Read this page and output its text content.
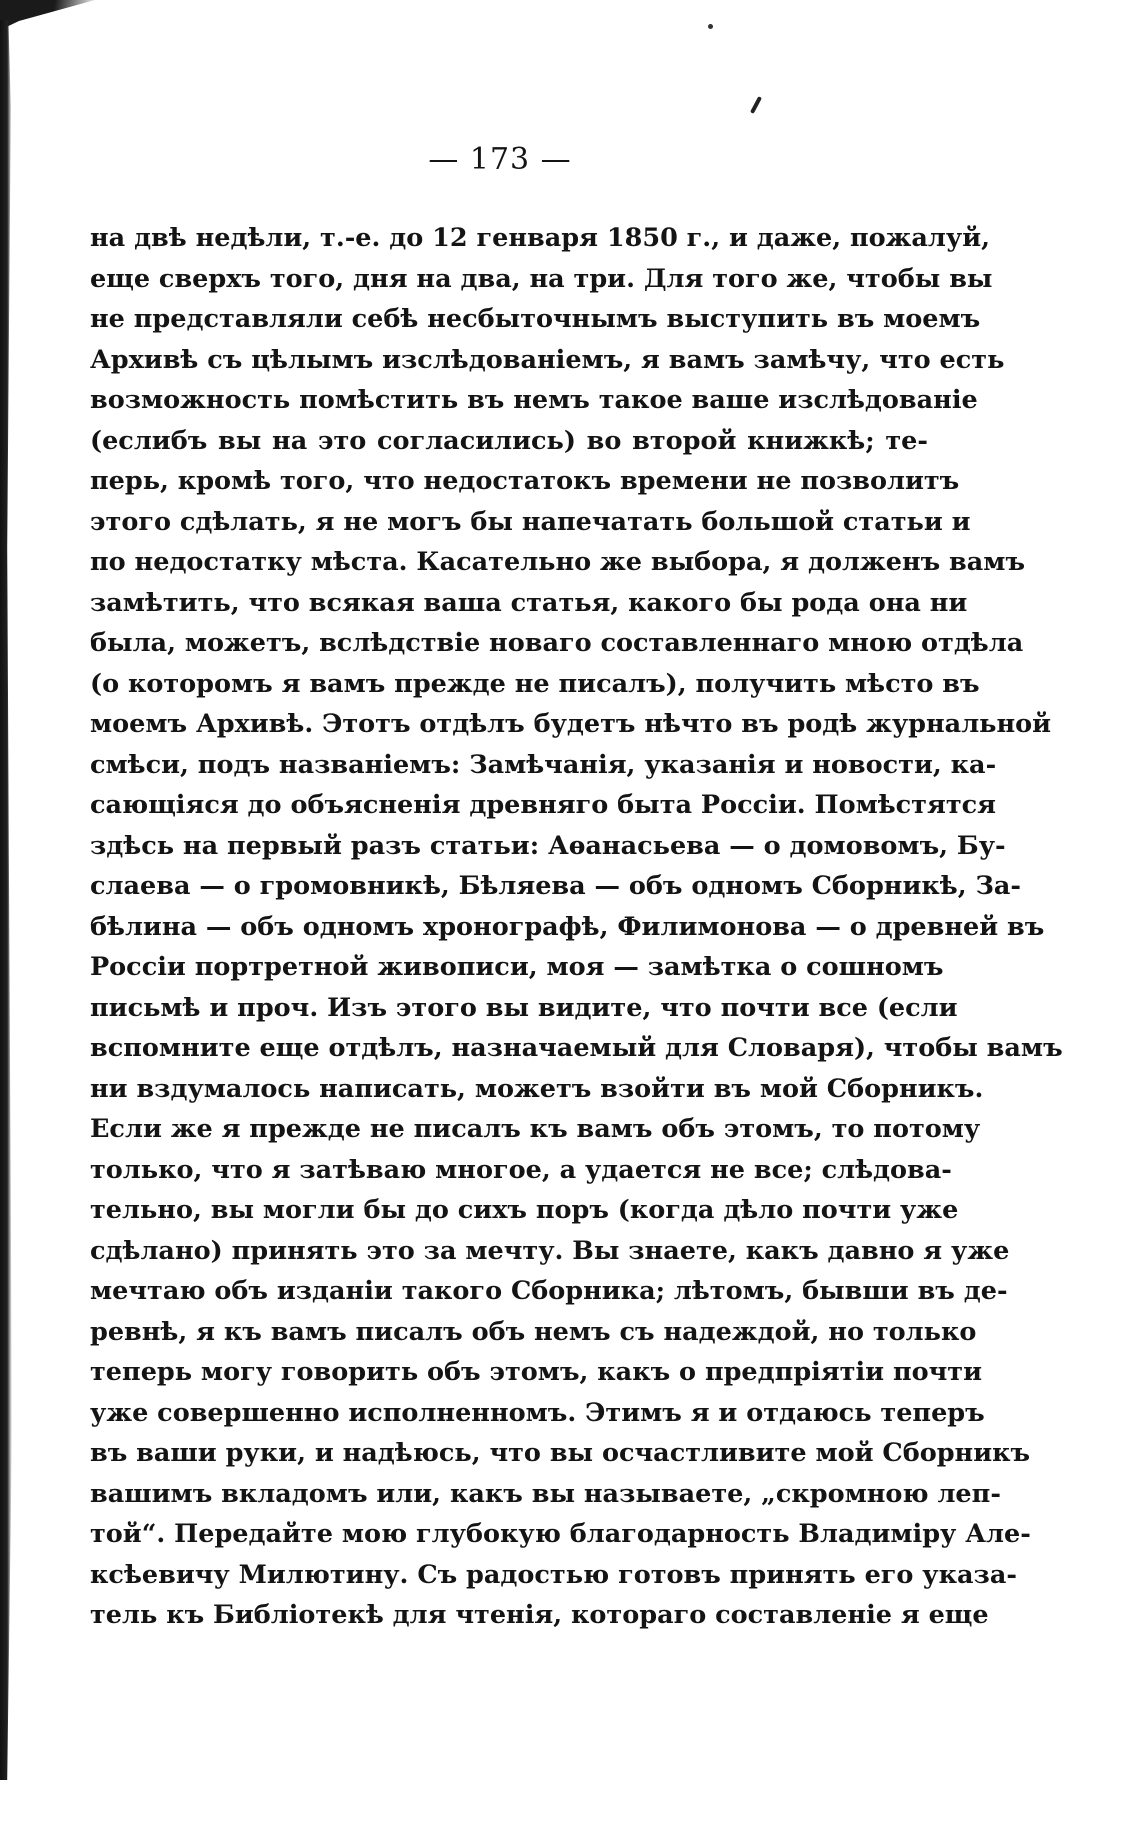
— 173 —
на двѣ недѣли, т.-е. до 12 генваря 1850 г., и даже, пожалуй,
еще сверхъ того, дня на два, на три. Для того же, чтобы вы
не представляли себѣ несбыточнымъ выступить въ моемъ
Архивѣ съ цѣлымъ изслѣдованіемъ, я вамъ замѣчу, что есть
возможность помѣстить въ немъ такое ваше изслѣдованіе
(еслибъ вы на это согласились) во второй книжкѣ; те-
перь, кромѣ того, что недостатокъ времени не позволитъ
этого сдѣлать, я не могъ бы напечатать большой статьи и
по недостатку мѣста. Касательно же выбора, я долженъ вамъ
замѣтить, что всякая ваша статья, какого бы рода она ни
была, можетъ, вслѣдствіе новаго составленнаго мною отдѣла
(о которомъ я вамъ прежде не писалъ), получить мѣсто въ
моемъ Архивѣ. Этотъ отдѣлъ будетъ нѣчто въ родѣ журнальной
смѣси, подъ названіемъ: Замѣчанія, указанія и новости, ка-
сающіяся до объясненія древняго быта Россіи. Помѣстятся
здѣсь на первый разъ статьи: Аѳанасьева — о домовомъ, Бу-
слаева — о громовникѣ, Бѣляева — объ одномъ Сборникѣ, За-
бѣлина — объ одномъ хронографѣ, Филимонова — о древней въ
Россіи портретной живописи, моя — замѣтка о сошномъ
письмѣ и проч. Изъ этого вы видите, что почти все (если
вспомните еще отдѣлъ, назначаемый для Словаря), чтобы вамъ
ни вздумалось написать, можетъ взойти въ мой Сборникъ.
Если же я прежде не писалъ къ вамъ объ этомъ, то потому
только, что я затѣваю многое, а удается не все; слѣдова-
тельно, вы могли бы до сихъ поръ (когда дѣло почти уже
сдѣлано) принять это за мечту. Вы знаете, какъ давно я уже
мечтаю объ изданіи такого Сборника; лѣтомъ, бывши въ де-
ревнѣ, я къ вамъ писалъ объ немъ съ надеждой, но только
теперь могу говорить объ этомъ, какъ о предпріятіи почти
уже совершенно исполненномъ. Этимъ я и отдаюсь теперъ
въ ваши руки, и надѣюсь, что вы осчастливите мой Сборникъ
вашимъ вкладомъ или, какъ вы называете, „скромною леп-
той“. Передайте мою глубокую благодарность Владиміру Але-
ксѣевичу Милютину. Съ радостью готовъ принять его указа-
тель къ Библіотекѣ для чтенія, котораго составленіе я еще
